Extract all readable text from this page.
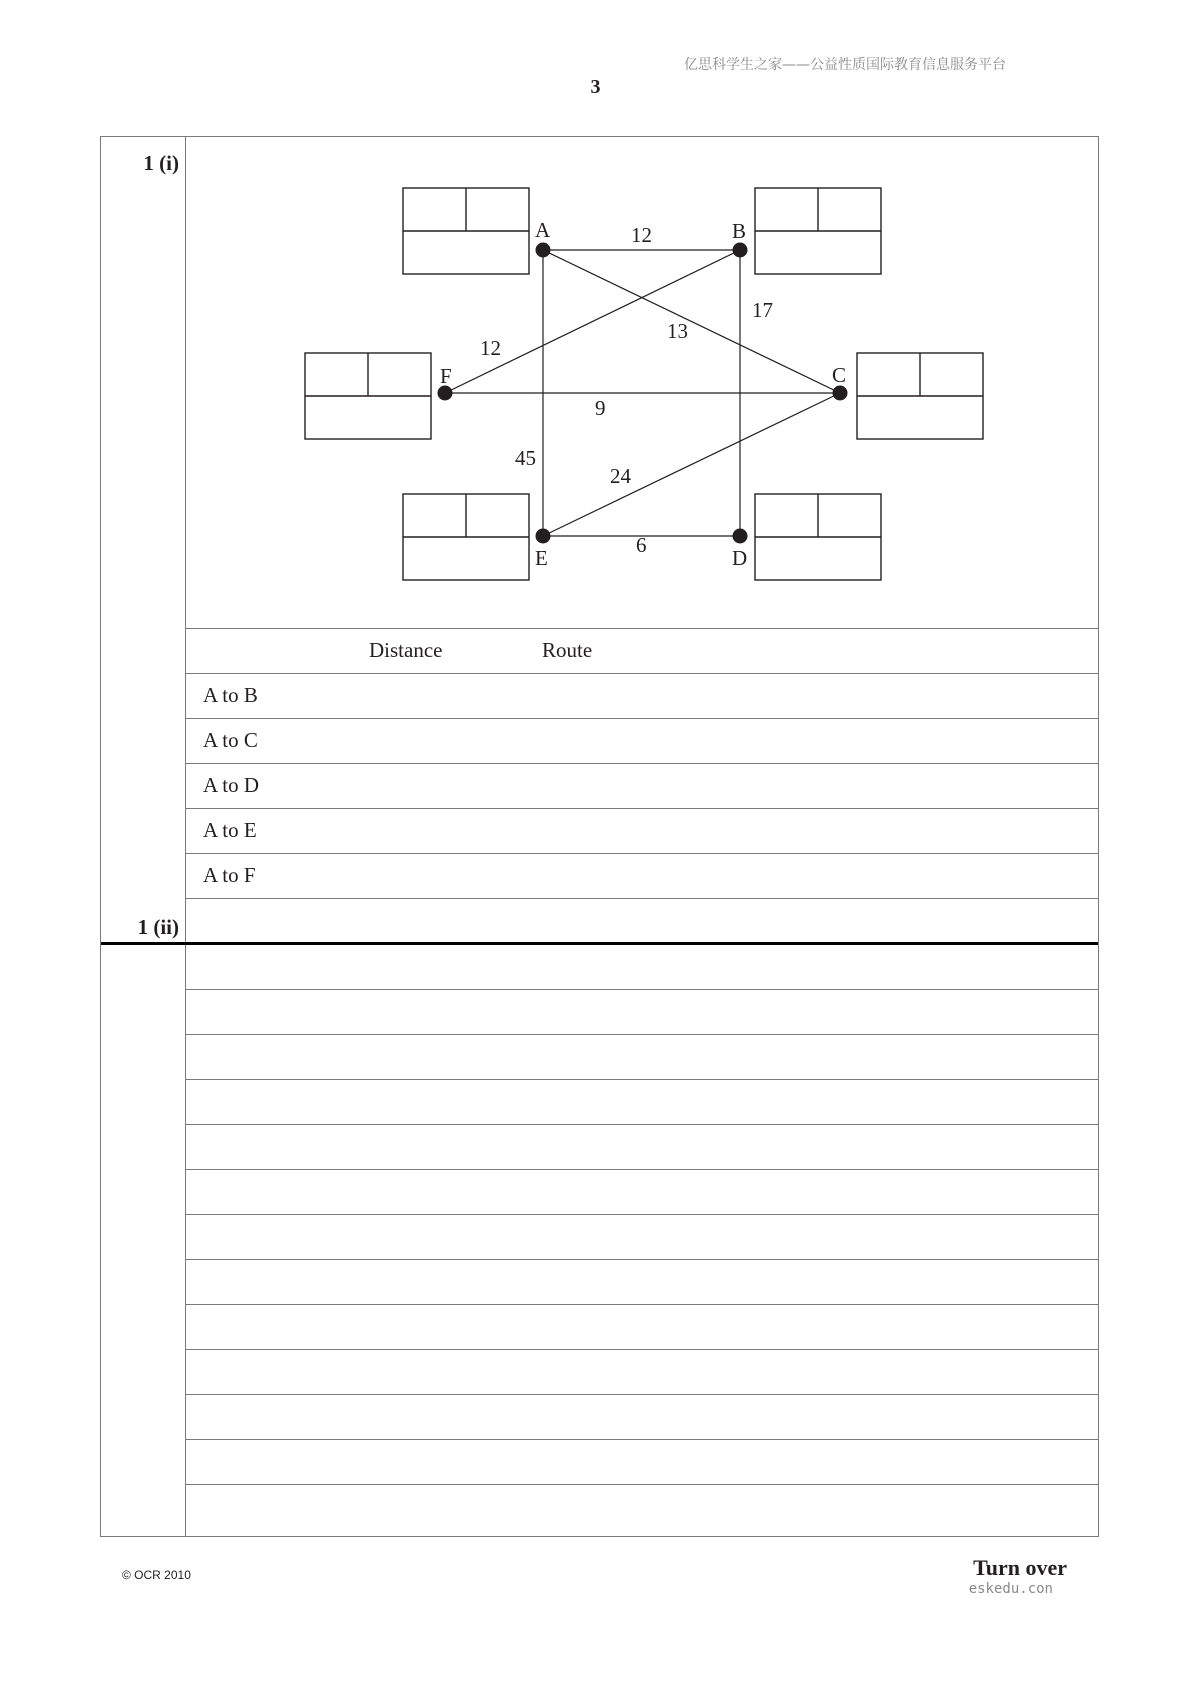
亿思科学生之家——公益性质国际教育信息服务平台
3
1 (i)
1 (ii)
A	B
C
D
E
F
12
13
45
17
12
9
24
6
Distance	Route
A to B
A to C
A to D
A to E
A to F
© OCR 2010	Turn over
eskedu.con
